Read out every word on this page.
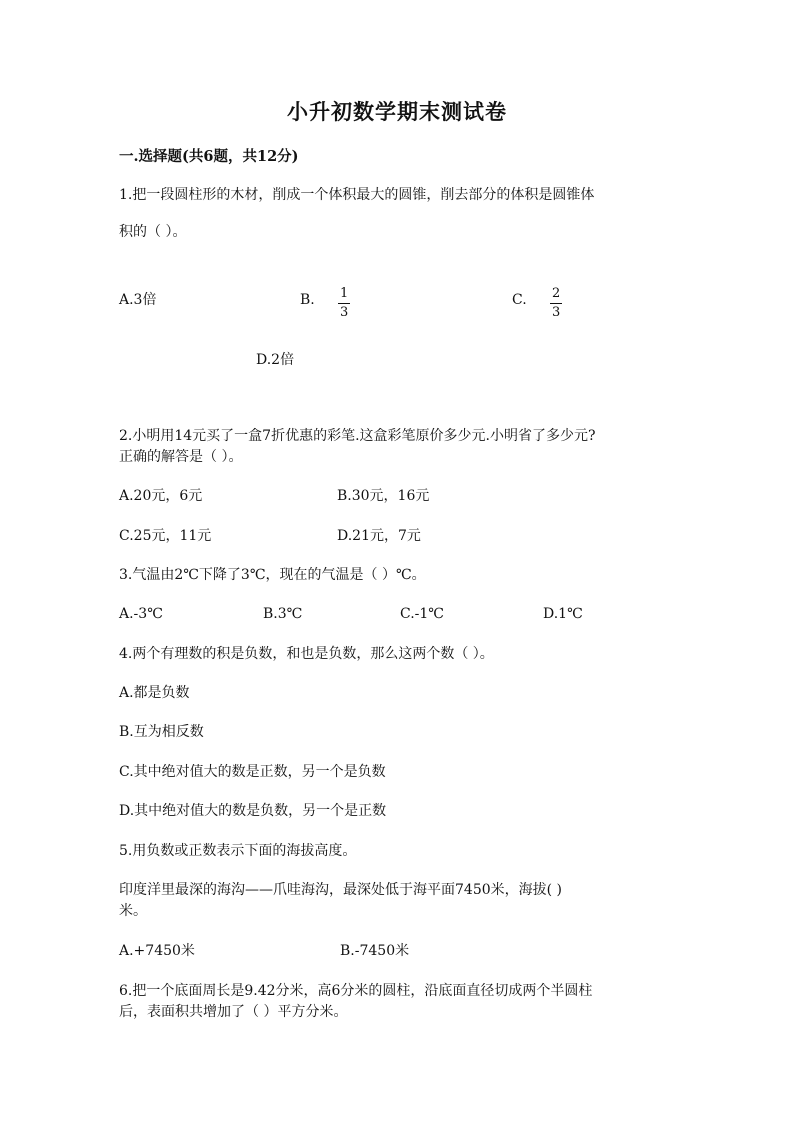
小升初数学期末测试卷
一.选择题(共6题，共12分)
1.把一段圆柱形的木材，削成一个体积最大的圆锥，削去部分的体积是圆锥体
积的（ ）。
A.3倍	B. 1
3
C. 2
3
D.2倍
2.小明用14元买了一盒7折优惠的彩笔.这盒彩笔原价多少元.小明省了多少元?
正确的解答是（ ）。
A.20元，6元	B.30元，16元
C.25元，11元	D.21元，7元
3.气温由2℃下降了3℃，现在的气温是（ ）℃。
A.-3℃	B.3℃	C.-1℃	D.1℃
4.两个有理数的积是负数，和也是负数，那么这两个数（ ）。
A.都是负数
B.互为相反数
C.其中绝对值大的数是正数，另一个是负数
D.其中绝对值大的数是负数，另一个是正数
5.用负数或正数表示下面的海拔高度。
印度洋里最深的海沟——爪哇海沟，最深处低于海平面7450米，海拔( )
米。
A.+7450米	B.-7450米
6.把一个底面周长是9.42分米，高6分米的圆柱，沿底面直径切成两个半圆柱
后，表面积共增加了（ ）平方分米。
